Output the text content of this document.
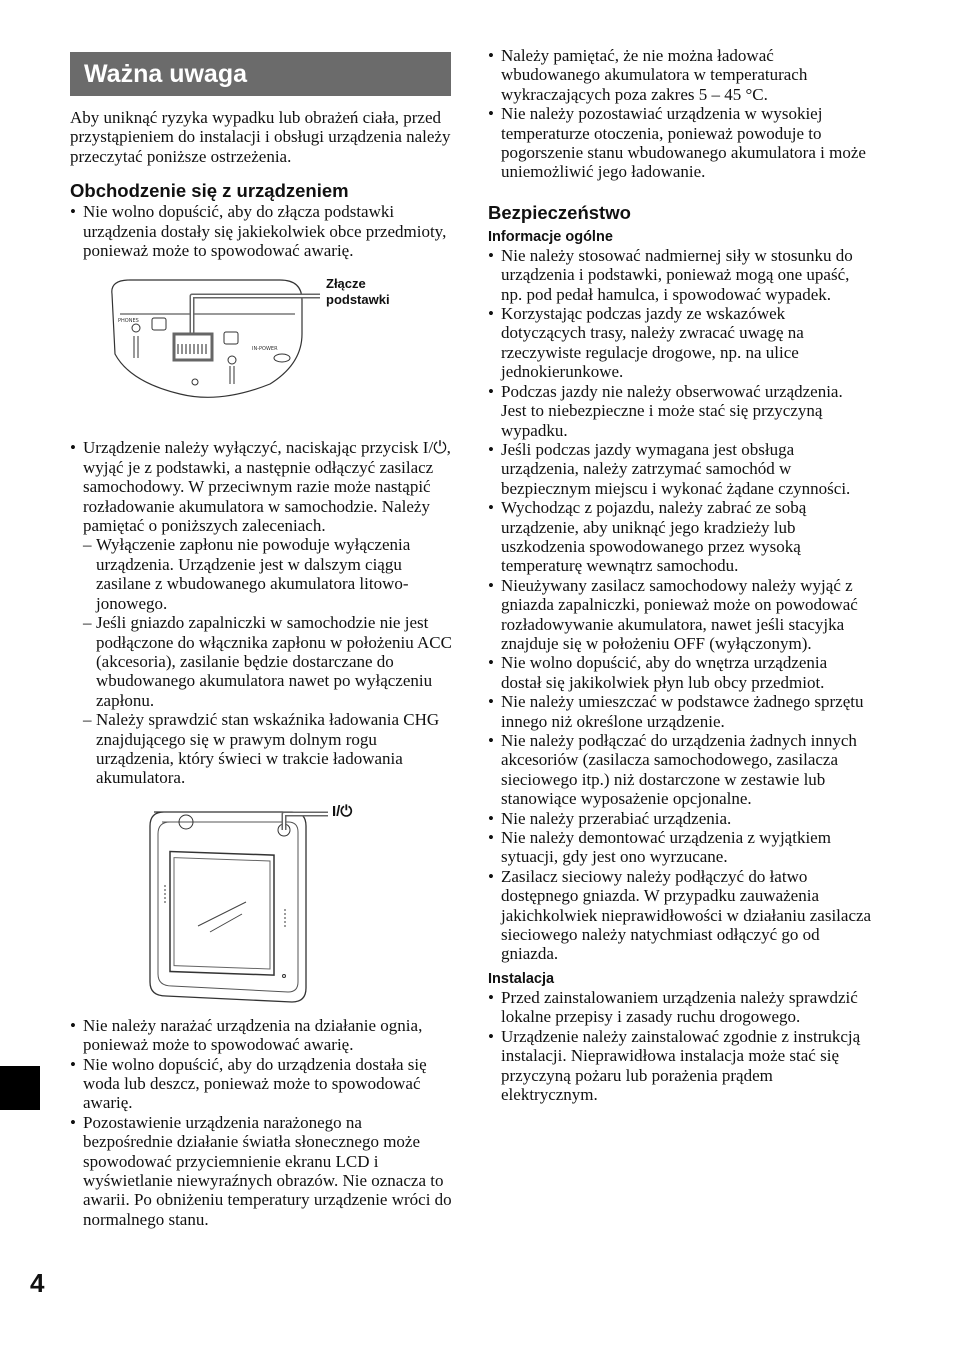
Ważna uwaga

Aby uniknąć ryzyka wypadku lub obrażeń ciała, przed przystąpieniem do instalacji i obsługi urządzenia należy przeczytać poniższe ostrzeżenia.

Obchodzenie się z urządzeniem
• Nie wolno dopuścić, aby do złącza podstawki urządzenia dostały się jakiekolwiek obce przedmioty, ponieważ może to spowodować awarię.
PHONES
IN-POWER
Złącze podstawki
• Urządzenie należy wyłączyć, naciskając przycisk I/⏻, wyjąć je z podstawki, a następnie odłączyć zasilacz samochodowy. W przeciwnym razie może nastąpić rozładowanie akumulatora w samochodzie. Należy pamiętać o poniższych zaleceniach.
– Wyłączenie zapłonu nie powoduje wyłączenia urządzenia. Urządzenie jest w dalszym ciągu zasilane z wbudowanego akumulatora litowo-jonowego.
– Jeśli gniazdo zapalniczki w samochodzie nie jest podłączone do włącznika zapłonu w położeniu ACC (akcesoria), zasilanie będzie dostarczane do wbudowanego akumulatora nawet po wyłączeniu zapłonu.
– Należy sprawdzić stan wskaźnika ładowania CHG znajdującego się w prawym dolnym rogu urządzenia, który świeci w trakcie ładowania akumulatora.
I/⏻
• Nie należy narażać urządzenia na działanie ognia, ponieważ może to spowodować awarię.
• Nie wolno dopuścić, aby do urządzenia dostała się woda lub deszcz, ponieważ może to spowodować awarię.
• Pozostawienie urządzenia narażonego na bezpośrednie działanie światła słonecznego może spowodować przyciemnienie ekranu LCD i wyświetlanie niewyraźnych obrazów. Nie oznacza to awarii. Po obniżeniu temperatury urządzenie wróci do normalnego stanu.
• Należy pamiętać, że nie można ładować wbudowanego akumulatora w temperaturach wykraczających poza zakres 5 – 45 °C.
• Nie należy pozostawiać urządzenia w wysokiej temperaturze otoczenia, ponieważ powoduje to pogorszenie stanu wbudowanego akumulatora i może uniemożliwić jego ładowanie.
Bezpieczeństwo
Informacje ogólne
• Nie należy stosować nadmiernej siły w stosunku do urządzenia i podstawki, ponieważ mogą one upaść, np. pod pedał hamulca, i spowodować wypadek.
• Korzystając podczas jazdy ze wskazówek dotyczących trasy, należy zwracać uwagę na rzeczywiste regulacje drogowe, np. na ulice jednokierunkowe.
• Podczas jazdy nie należy obserwować urządzenia. Jest to niebezpieczne i może stać się przyczyną wypadku.
• Jeśli podczas jazdy wymagana jest obsługa urządzenia, należy zatrzymać samochód w bezpiecznym miejscu i wykonać żądane czynności.
• Wychodząc z pojazdu, należy zabrać ze sobą urządzenie, aby uniknąć jego kradzieży lub uszkodzenia spowodowanego przez wysoką temperaturę wewnątrz samochodu.
• Nieużywany zasilacz samochodowy należy wyjąć z gniazda zapalniczki, ponieważ może on powodować rozładowywanie akumulatora, nawet jeśli stacyjka znajduje się w położeniu OFF (wyłączonym).
• Nie wolno dopuścić, aby do wnętrza urządzenia dostał się jakikolwiek płyn lub obcy przedmiot.
• Nie należy umieszczać w podstawce żadnego sprzętu innego niż określone urządzenie.
• Nie należy podłączać do urządzenia żadnych innych akcesoriów (zasilacza samochodowego, zasilacza sieciowego itp.) niż dostarczone w zestawie lub stanowiące wyposażenie opcjonalne.
• Nie należy przerabiać urządzenia.
• Nie należy demontować urządzenia z wyjątkiem sytuacji, gdy jest ono wyrzucane.
• Zasilacz sieciowy należy podłączyć do łatwo dostępnego gniazda. W przypadku zauważenia jakichkolwiek nieprawidłowości w działaniu zasilacza sieciowego należy natychmiast odłączyć go od gniazda.
Instalacja
• Przed zainstalowaniem urządzenia należy sprawdzić lokalne przepisy i zasady ruchu drogowego.
• Urządzenie należy zainstalować zgodnie z instrukcją instalacji. Nieprawidłowa instalacja może stać się przyczyną pożaru lub porażenia prądem elektrycznym.
4
